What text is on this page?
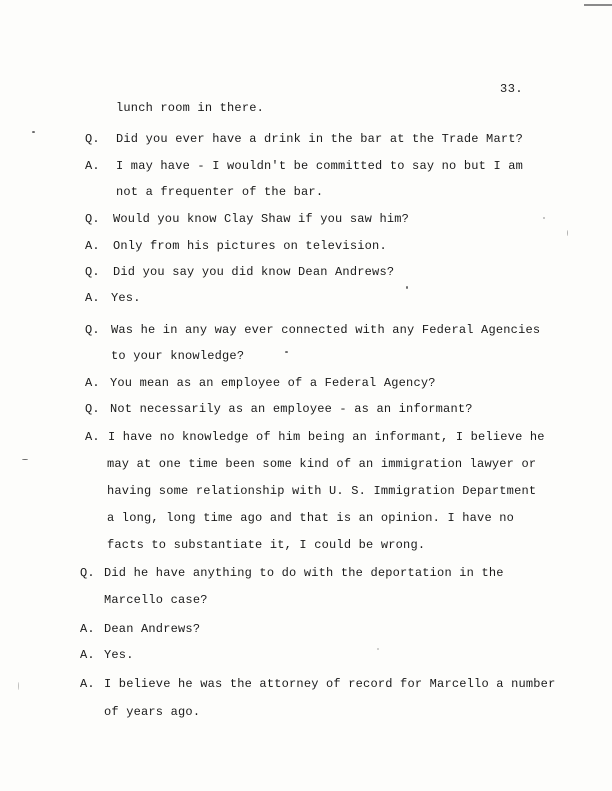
33.
lunch room in there.
Q. Did you ever have a drink in the bar at the Trade Mart?
A. I may have - I wouldn't be committed to say no but I am
not a frequenter of the bar.
Q. Would you know Clay Shaw if you saw him?
A. Only from his pictures on television.
Q. Did you say you did know Dean Andrews?
A. Yes.
Q. Was he in any way ever connected with any Federal Agencies
to your knowledge?
A. You mean as an employee of a Federal Agency?
Q. Not necessarily as an employee - as an informant?
A. I have no knowledge of him being an informant, I believe he
may at one time been some kind of an immigration lawyer or
having some relationship with U. S. Immigration Department
a long, long time ago and that is an opinion. I have no
facts to substantiate it, I could be wrong.
Q. Did he have anything to do with the deportation in the
Marcello case?
A. Dean Andrews?
A. Yes.
A. I believe he was the attorney of record for Marcello a number
of years ago.
